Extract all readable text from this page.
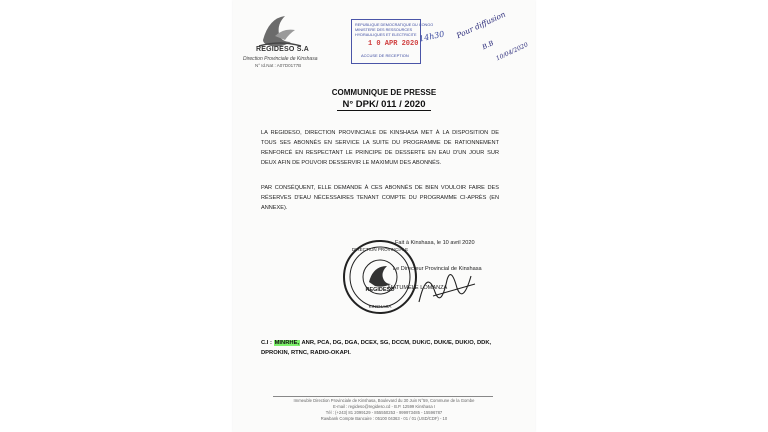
REGIDESO S.A
Direction Provinciale de Kinshasa
N° Id.Nat : A07D0177B
REPUBLIQUE DEMOCRATIQUE DU CONGO
MINISTERE DES RESSOURCES
HYDRAULIQUES ET ELECTRICITE
1 0 APR 2020
ACCUSE DE RECEPTION
14h30 Pour diffusion
B.B 10/04/2020
COMMUNIQUE DE PRESSE
N° DPK/ 011 / 2020
LA REGIDESO, DIRECTION PROVINCIALE DE KINSHASA MET À LA DISPOSITION DE TOUS SES ABONNÉS EN SERVICE LA SUITE DU PROGRAMME DE RATIONNEMENT RENFORCÉ EN RESPECTANT LE PRINCIPE DE DESSERTE EN EAU D'UN JOUR SUR DEUX AFIN DE POUVOIR DESSERVIR LE MAXIMUM DES ABONNÉS.
PAR CONSÉQUENT, ELLE DEMANDE À CES ABONNÉS DE BIEN VOULOIR FAIRE DES RÉSERVES D'EAU NÉCESSAIRES TENANT COMPTE DU PROGRAMME CI-APRÈS (EN ANNEXE).
REGIDESO
DIRECTION PROVINCIALE
KINSHASA
Fait à Kinshasa, le 10 avril 2020
Le Directeur Provincial de Kinshasa
MATUMELE LOMANZA
C.I : MINRHE, ANR, PCA, DG, DGA, DCEX, SG, DCCM, DUK/C, DUK/E, DUK/O, DDK, DPROKIN, RTNC, RADIO-OKAPI.
Immeuble Direction Provinciale de Kinshasa, Boulevard du 30 Juin N°59, Commune de la Gombe
E-mail : regideso@regideso.cd - B.P. 12599 Kinshasa I
Tél : (+243) 81 2099129 - 855550253 - 999973485 - 15596787
Rawbank Compte Bancaire : 05100 04363 - 01 / 01 (USD/CDF) - 10
